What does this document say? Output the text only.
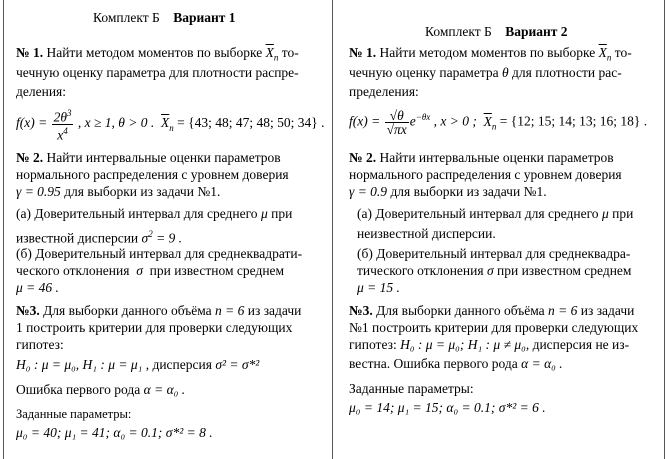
Комплект Б Вариант 1
№ 1. Найти методом моментов по выборке $\overline{X}_n$ то-
чечную оценку параметра для плотности распре-
деления:
$f(x) = \frac{2\theta^3}{x^4}$ , x ≥ 1, θ > 0 . $\overline{X}_n = \{43$; 48; 47; 48; 50; 34} .
№ 2. Найти интервальные оценки параметров
нормального распределения с уровнем доверия
γ = 0.95 для выборки из задачи №1.
(а) Доверительный интервал для среднего μ при
известной дисперсии $\sigma^2 = 9$ .
(б) Доверительный интервал для среднеквадрати-
ческого отклонения σ при известном среднем
μ = 46 .
№3. Для выборки данного объёма n = 6 из задачи
1 построить критерии для проверки следующих
гипотез:
H₀ : μ = μ₀, H₁ : μ = μ₁ , дисперсия σ² = σ*²
Ошибка первого рода α = α₀ .
Заданные параметры:
μ₀ = 40; μ₁ = 41; α₀ = 0.1; σ*² = 8 .
Комплект Б Вариант 2
№ 1. Найти методом моментов по выборке $\overline{X}_n$ то-
чечную оценку параметра θ для плотности рас-
пределения:
$f(x) = \frac{√\theta}{√\pi x} e^{-\theta x}$ , x > 0 ; $\overline{X}_n = \{12$; 15; 14; 13; 16; 18} .
№ 2. Найти интервальные оценки параметров
нормального распределения с уровнем доверия
γ = 0.9 для выборки из задачи №1.
(а) Доверительный интервал для среднего μ при
неизвестной дисперсии.
(б) Доверительный интервал для среднеквадра-
тического отклонения σ при известном среднем
μ = 15 .
№3. Для выборки данного объёма n = 6 из задачи
№1 построить критерии для проверки следующих
гипотез: H₀ : μ = μ₀; H₁ : μ ≠ μ₀, дисперсия не из-
вестна. Ошибка первого рода α = α₀ .
Заданные параметры:
μ₀ = 14; μ₁ = 15; α₀ = 0.1; σ*² = 6 .
